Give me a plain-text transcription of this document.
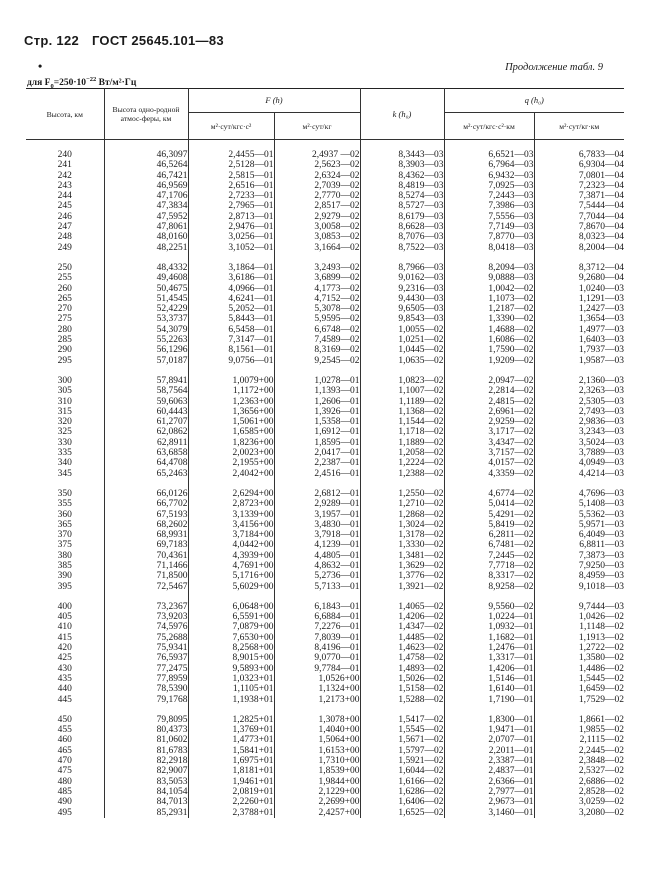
Стр. 122 ГОСТ 25645.101—83
•	Продолжение табл. 9
для $F_0=250\cdot 10^{-22}$ Вт/м²·Гц
Высота, км	Высота одно-родной атмос-феры, км	F (h)		k (h₀)	q (h₀)	
		м²·сут/кгс·с²	м²·сут/кг		м²·сут/кгс·с²·км	м²·сут/кг·км

240	46,3097	2,4455—01	2,4937 —02	8,3443—03	6,6521—03	6,7833—04
241	46,5264	2,5128—01	2,5623—02	8,3903—03	6,7964—03	6,9304—04
242	46,7421	2,5815—01	2,6324—02	8,4362—03	6,9432—03	7,0801—04
243	46,9569	2,6516—01	2,7039—02	8,4819—03	7,0925—03	7,2323—04
244	47,1706	2,7233—01	2,7770—02	8,5274—03	7,2443—03	7,3871—04
245	47,3834	2,7965—01	2,8517—02	8,5727—03	7,3986—03	7,5444—04
246	47,5952	2,8713—01	2,9279—02	8,6179—03	7,5556—03	7,7044—04
247	47,8061	2,9476—01	3,0058—02	8,6628—03	7,7149—03	7,8670—04
248	48,0160	3,0256—01	3,0853—02	8,7076—03	7,8770—03	8,0323—04
249	48,2251	3,1052—01	3,1664—02	8,7522—03	8,0418—03	8,2004—04

250	48,4332	3,1864—01	3,2493—02	8,7966—03	8,2094—03	8,3712—04
255	49,4608	3,6186—01	3,6899—02	9,0162—03	9,0888—03	9,2680—04
260	50,4675	4,0966—01	4,1773—02	9,2316—03	1,0042—02	1,0240—03
265	51,4545	4,6241—01	4,7152—02	9,4430—03	1,1073—02	1,1291—03
270	52,4229	5,2052—01	5,3078—02	9,6505—03	1,2187—02	1,2427—03
275	53,3737	5,8443—01	5,9595—02	9,8543—03	1,3390—02	1,3654—03
280	54,3079	6,5458—01	6,6748—02	1,0055—02	1,4688—02	1,4977—03
285	55,2263	7,3147—01	7,4589—02	1,0251—02	1,6086—02	1,6403—03
290	56,1296	8,1561—01	8,3169—02	1,0445—02	1,7590—02	1,7937—03
295	57,0187	9,0756—01	9,2545—02	1,0635—02	1,9209—02	1,9587—03

300	57,8941	1,0079+00	1,0278—01	1,0823—02	2,0947—02	2,1360—03
305	58,7564	1,1172+00	1,1393—01	1,1007—02	2,2814—02	2,3263—03
310	59,6063	1,2363+00	1,2606—01	1,1189—02	2,4815—02	2,5305—03
315	60,4443	1,3656+00	1,3926—01	1,1368—02	2,6961—02	2,7493—03
320	61,2707	1,5061+00	1,5358—01	1,1544—02	2,9259—02	2,9836—03
325	62,0862	1,6585+00	1,6912—01	1,1718—02	3,1717—02	3,2343—03
330	62,8911	1,8236+00	1,8595—01	1,1889—02	3,4347—02	3,5024—03
335	63,6858	2,0023+00	2,0417—01	1,2058—02	3,7157—02	3,7889—03
340	64,4708	2,1955+00	2,2387—01	1,2224—02	4,0157—02	4,0949—03
345	65,2463	2,4042+00	2,4516—01	1,2388—02	4,3359—02	4,4214—03

350	66,0126	2,6294+00	2,6812—01	1,2550—02	4,6774—02	4,7696—03
355	66,7702	2,8723+00	2,9289—01	1,2710—02	5,0414—02	5,1408—03
360	67,5193	3,1339+00	3,1957—01	1,2868—02	5,4291—02	5,5362—03
365	68,2602	3,4156+00	3,4830—01	1,3024—02	5,8419—02	5,9571—03
370	68,9931	3,7184+00	3,7918—01	1,3178—02	6,2811—02	6,4049—03
375	69,7183	4,0442+00	4,1239—01	1,3330—02	6,7481—02	6,8811—03
380	70,4361	4,3939+00	4,4805—01	1,3481—02	7,2445—02	7,3873—03
385	71,1466	4,7691+00	4,8632—01	1,3629—02	7,7718—02	7,9250—03
390	71,8500	5,1716+00	5,2736—01	1,3776—02	8,3317—02	8,4959—03
395	72,5467	5,6029+00	5,7133—01	1,3921—02	8,9258—02	9,1018—03

400	73,2367	6,0648+00	6,1843—01	1,4065—02	9,5560—02	9,7444—03
405	73,9203	6,5591+00	6,6884—01	1,4206—02	1,0224—01	1,0426—02
410	74,5976	7,0879+00	7,2276—01	1,4347—02	1,0932—01	1,1148—02
415	75,2688	7,6530+00	7,8039—01	1,4485—02	1,1682—01	1,1913—02
420	75,9341	8,2568+00	8,4196—01	1,4623—02	1,2476—01	1,2722—02
425	76,5937	8,9015+00	9,0770—01	1,4758—02	1,3317—01	1,3580—02
430	77,2475	9,5893+00	9,7784—01	1,4893—02	1,4206—01	1,4486—02
435	77,8959	1,0323+01	1,0526+00	1,5026—02	1,5146—01	1,5445—02
440	78,5390	1,1105+01	1,1324+00	1,5158—02	1,6140—01	1,6459—02
445	79,1768	1,1938+01	1,2173+00	1,5288—02	1,7190—01	1,7529—02

450	79,8095	1,2825+01	1,3078+00	1,5417—02	1,8300—01	1,8661—02
455	80,4373	1,3769+01	1,4040+00	1,5545—02	1,9471—01	1,9855—02
460	81,0602	1,4773+01	1,5064+00	1,5671—02	2,0707—01	2,1115—02
465	81,6783	1,5841+01	1,6153+00	1,5797—02	2,2011—01	2,2445—02
470	82,2918	1,6975+01	1,7310+00	1,5921—02	2,3387—01	2,3848—02
475	82,9007	1,8181+01	1,8539+00	1,6044—02	2,4837—01	2,5327—02
480	83,5053	1,9461+01	1,9844+00	1,6166—02	2,6366—01	2,6886—02
485	84,1054	2,0819+01	2,1229+00	1,6286—02	2,7977—01	2,8528—02
490	84,7013	2,2260+01	2,2699+00	1,6406—02	2,9673—01	3,0259—02
495	85,2931	2,3788+01	2,4257+00	1,6525—02	3,1460—01	3,2080—02
